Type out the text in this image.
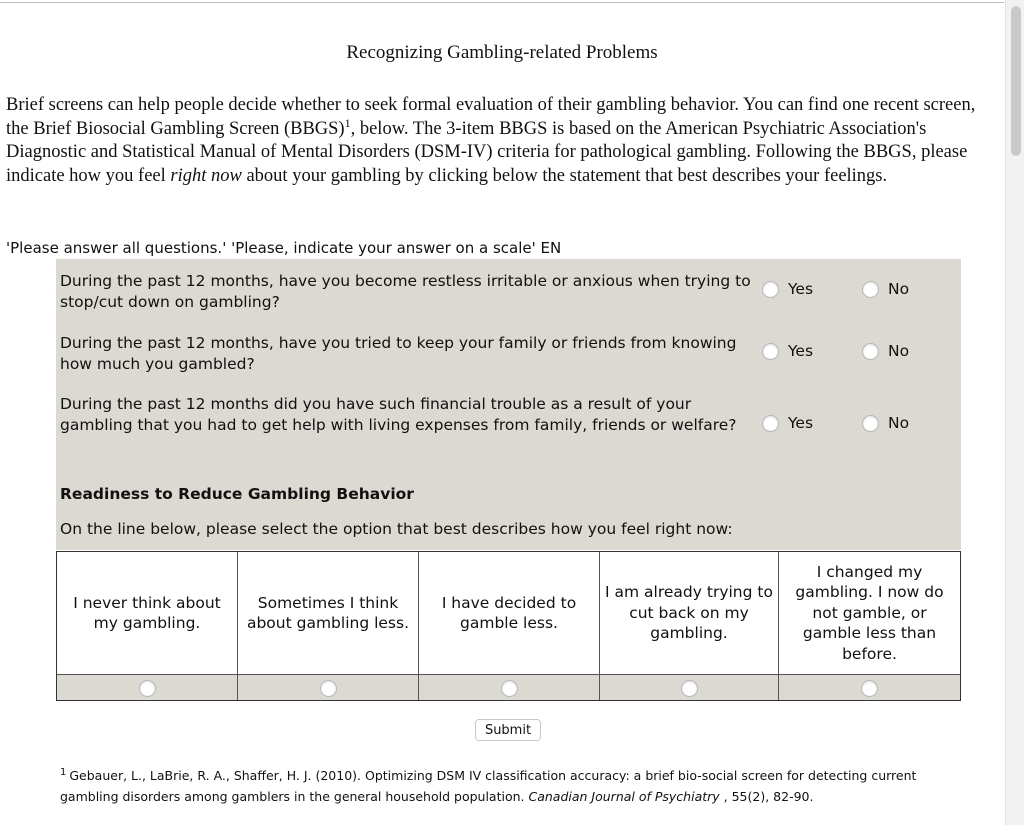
Recognizing Gambling-related Problems
Brief screens can help people decide whether to seek formal evaluation of their gambling behavior. You can find one recent screen, the Brief Biosocial Gambling Screen (BBGS)$^1$, below. The 3-item BBGS is based on the American Psychiatric Association's Diagnostic and Statistical Manual of Mental Disorders (DSM-IV) criteria for pathological gambling. Following the BBGS, please indicate how you feel right now about your gambling by clicking below the statement that best describes your feelings.
'Please answer all questions.' 'Please, indicate your answer on a scale' EN
During the past 12 months, have you become restless irritable or anxious when trying to stop/cut down on gambling?
Yes	No
During the past 12 months, have you tried to keep your family or friends from knowing how much you gambled?
Yes	No
During the past 12 months did you have such financial trouble as a result of your gambling that you had to get help with living expenses from family, friends or welfare?	Yes	No
Readiness to Reduce Gambling Behavior
On the line below, please select the option that best describes how you feel right now:
I never think about my gambling.
Sometimes I think about gambling less.
I have decided to gamble less.
I am already trying to cut back on my gambling.
I changed my gambling. I now do not gamble, or gamble less than before.
Submit
$^1$ Gebauer, L., LaBrie, R. A., Shaffer, H. J. (2010). Optimizing DSM IV classification accuracy: a brief bio-social screen for detecting current gambling disorders among gamblers in the general household population. Canadian Journal of Psychiatry , 55(2), 82-90.
